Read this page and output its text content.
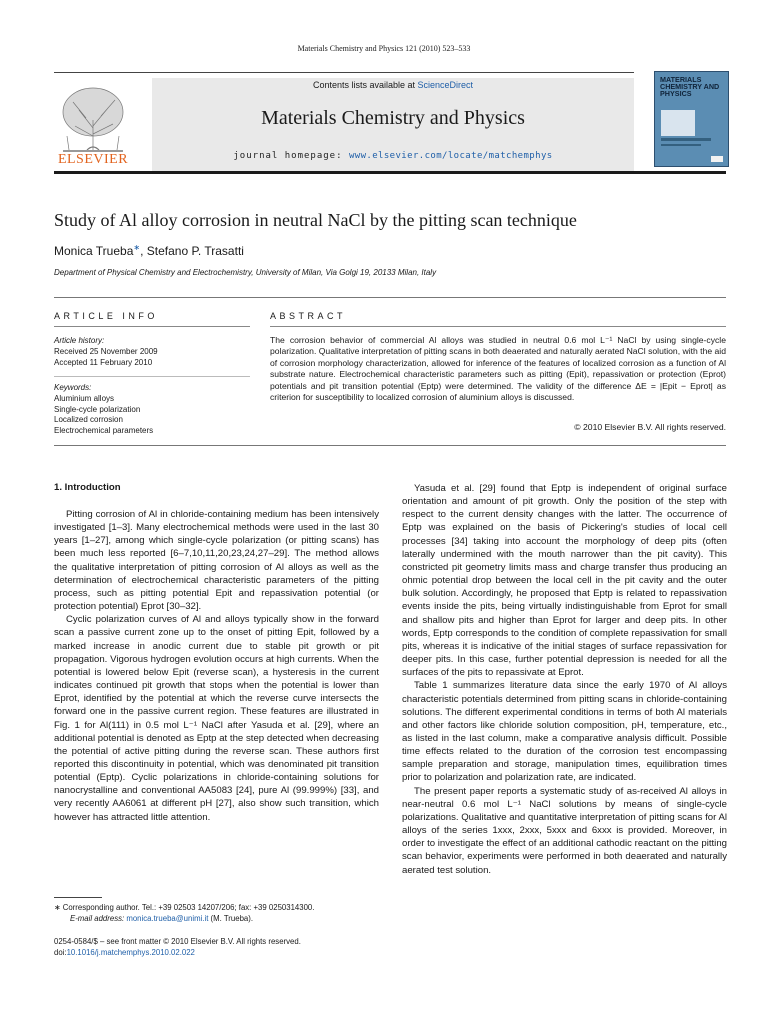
Materials Chemistry and Physics 121 (2010) 523–533
ELSEVIER
Contents lists available at ScienceDirect
Materials Chemistry and Physics
journal homepage: www.elsevier.com/locate/matchemphys
MATERIALS CHEMISTRY AND PHYSICS
Study of Al alloy corrosion in neutral NaCl by the pitting scan technique
Monica Trueba∗, Stefano P. Trasatti
Department of Physical Chemistry and Electrochemistry, University of Milan, Via Golgi 19, 20133 Milan, Italy
ARTICLE INFO
Article history:
Received 25 November 2009
Accepted 11 February 2010
Keywords:
Aluminium alloys
Single-cycle polarization
Localized corrosion
Electrochemical parameters
ABSTRACT
The corrosion behavior of commercial Al alloys was studied in neutral 0.6 mol L⁻¹ NaCl by using single-cycle polarization. Qualitative interpretation of pitting scans in both deaerated and naturally aerated NaCl solution, with the aid of corrosion morphology characterization, allowed for inference of the features of localized corrosion as a function of Al substrate nature. Electrochemical characteristic parameters such as pitting (Epit), repassivation or protection (Eprot) potentials and pit transition potential (Eptp) were determined. The validity of the difference ΔE = |Epit − Eprot| as criterion for susceptibility to localized corrosion of aluminium alloys is discussed.
© 2010 Elsevier B.V. All rights reserved.
1. Introduction

Pitting corrosion of Al in chloride-containing medium has been intensively investigated [1–3]. Many electrochemical methods were used in the last 30 years [1–27], among which single-cycle polarization (or pitting scans) has been much less reported [6–7,10,11,20,23,24,27–29]. The method allows the qualitative interpretation of pitting corrosion of Al alloys as well as the determination of electrochemical characteristic parameters of the pitting process, such as pitting potential Epit and repassivation potential (or protection potential) Eprot [30–32].

Cyclic polarization curves of Al and alloys typically show in the forward scan a passive current zone up to the onset of pitting Epit, followed by a marked increase in anodic current due to stable pit growth or pit propagation. Vigorous hydrogen evolution occurs at high currents. When the potential is lowered below Epit (reverse scan), a hysteresis in the current indicates continued pit growth that stops when the potential is lower than Eprot, identified by the potential at which the reverse curve intersects the forward one in the passive current region. These features are illustrated in Fig. 1 for Al(111) in 0.5 mol L⁻¹ NaCl after Yasuda et al. [29], where an additional potential is denoted as Eptp at the step detected when decreasing the potential of active pitting during the reverse scan. These authors first reported this discontinuity in potential, which was denominated pit transition potential (Eptp). Cyclic polarizations in chloride-containing solutions for nanocrystalline and conventional AA5083 [24], pure Al (99.999%) [33], and very recently AA6061 at different pH [27], also show such transition, which however has attracted little attention.

Yasuda et al. [29] found that Eptp is independent of original surface orientation and amount of pit growth. Only the position of the step with respect to the current density changes with the latter. The occurrence of Eptp was explained on the basis of Pickering's studies of local cell processes [34] taking into account the morphology of deep pits (often laterally undermined with the mouth narrower than the pit cavity). This constricted pit geometry limits mass and charge transfer thus producing an ohmic potential drop between the local cell in the pit cavity and the outer bulk solution. Accordingly, he proposed that Eptp is related to repassivation events inside the pits, being virtually indistinguishable from Eprot for small and shallow pits and higher than Eprot for larger and deep pits. In other words, Eptp corresponds to the condition of complete repassivation for small pits, whereas it is indicative of the initial stages of surface repassivation for deeper pits. In this case, further potential depression is needed for all the surfaces of the pits to repassivate at Eprot.

Table 1 summarizes literature data since the early 1970 of Al alloys characteristic potentials determined from pitting scans in chloride-containing solutions. The different experimental conditions in terms of both Al materials and other factors like chloride solution composition, pH, temperature, etc., as listed in the last column, make a comparative analysis difficult. Possible time effects related to the duration of the corrosion test encompassing sample preparation and storage, manipulation times, equilibration times prior to polarization and polarization rate, are indicated.

The present paper reports a systematic study of as-received Al alloys in near-neutral 0.6 mol L⁻¹ NaCl solutions by means of single-cycle polarizations. Qualitative and quantitative interpretation of pitting scans for Al alloys of the series 1xxx, 2xxx, 5xxx and 6xxx is provided. Moreover, in order to investigate the effect of an additional cathodic reactant on the pitting scan behavior, experiments were performed in both deaerated and naturally aerated test solution.

∗ Corresponding author. Tel.: +39 02503 14207/206; fax: +39 0250314300.
E-mail address: monica.trueba@unimi.it (M. Trueba).
0254-0584/$ – see front matter © 2010 Elsevier B.V. All rights reserved.
doi:10.1016/j.matchemphys.2010.02.022
